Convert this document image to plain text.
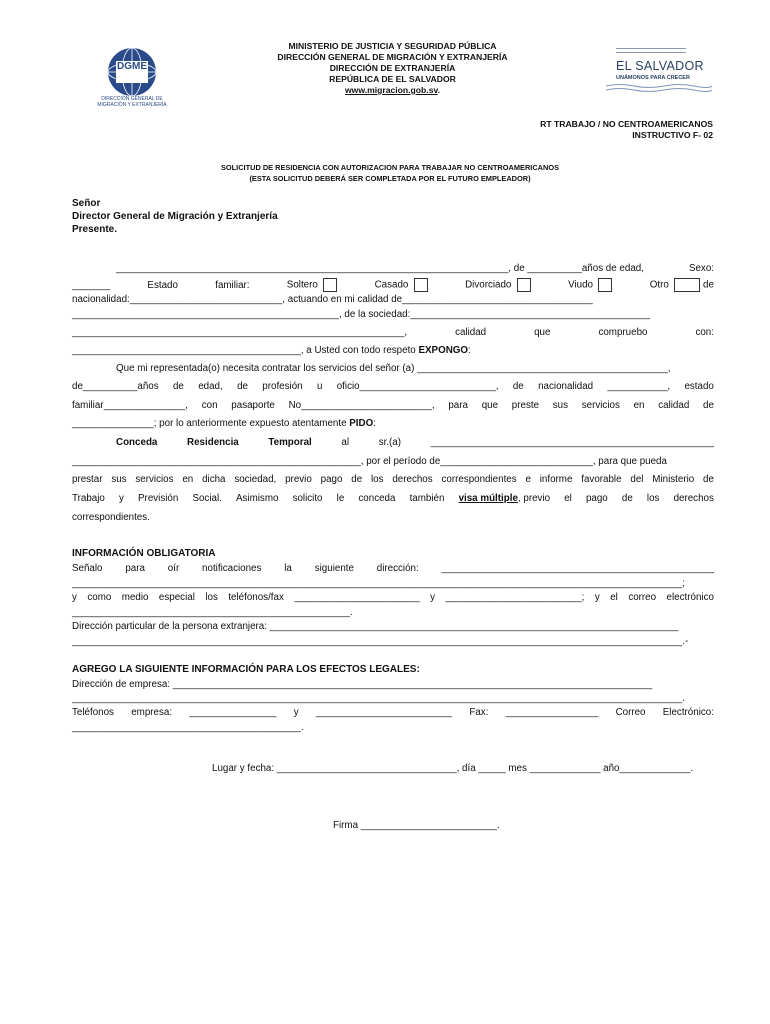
DGME
DIRECCIÓN GENERAL DE
MIGRACIÓN Y EXTRANJERÍA
MINISTERIO DE JUSTICIA Y SEGURIDAD PÚBLICA
DIRECCIÓN GENERAL DE MIGRACIÓN Y EXTRANJERÍA
DIRECCIÓN DE EXTRANJERÍA
REPÚBLICA DE EL SALVADOR
www.migracion.gob.sv.
EL SALVADOR
UNÁMONOS PARA CRECER
RT TRABAJO / NO CENTROAMERICANOS
INSTRUCTIVO F- 02
SOLICITUD DE RESIDENCIA CON AUTORIZACION PARA TRABAJAR NO CENTROAMERICANOS
(ESTA SOLICITUD DEBERÁ SER COMPLETADA POR EL FUTURO EMPLEADOR)
Señor
Director General de Migración y Extranjería
Presente.
________________________________________________________________________, de __________años de edad,	Sexo:
_______	Estado	familiar:	Soltero	Casado	Divorciado	Viudo	Otro	de
nacionalidad:____________________________, actuando en mi calidad de___________________________________
_________________________________________________, de la sociedad:____________________________________________
_____________________________________________________________,	calidad	que	compruebo	con:
__________________________________________, a Usted con todo respeto EXPONGO:
Que mi representada(o) necesita contratar los servicios del señor (a) ______________________________________________,
de__________años de edad, de profesión u oficio_________________________, de nacionalidad ___________, estado
familiar_______________, con pasaporte No________________________, para que preste sus servicios en calidad de
_______________; por lo anteriormente expuesto atentamente PIDO:
Conceda	Residencia	Temporal	al	sr.(a)	____________________________________________________
_____________________________________________________, por el período de____________________________, para que pueda
prestar sus servicios en dicha sociedad, previo pago de los derechos correspondientes e informe favorable del Ministerio de
Trabajo y Previsión Social. Asimismo solicito le conceda también visa múltiple, previo el pago de los derechos
correspondientes.
INFORMACIÓN OBLIGATORIA
Señalo para oír notificaciones la siguiente dirección: __________________________________________________
________________________________________________________________________________________________________________;
y como medio especial los teléfonos/fax _______________________ y _________________________; y el correo electrónico
___________________________________________________.
Dirección particular de la persona extranjera: ___________________________________________________________________________
________________________________________________________________________________________________________________.-
AGREGO LA SIGUIENTE INFORMACIÓN PARA LOS EFECTOS LEGALES:
Dirección de empresa: ________________________________________________________________________________________
________________________________________________________________________________________________________________.
Teléfonos empresa: ________________ y _________________________ Fax: _________________ Correo Electrónico:
__________________________________________.
Lugar y fecha: _________________________________, día _____ mes _____________ año_____________.
Firma _________________________.
